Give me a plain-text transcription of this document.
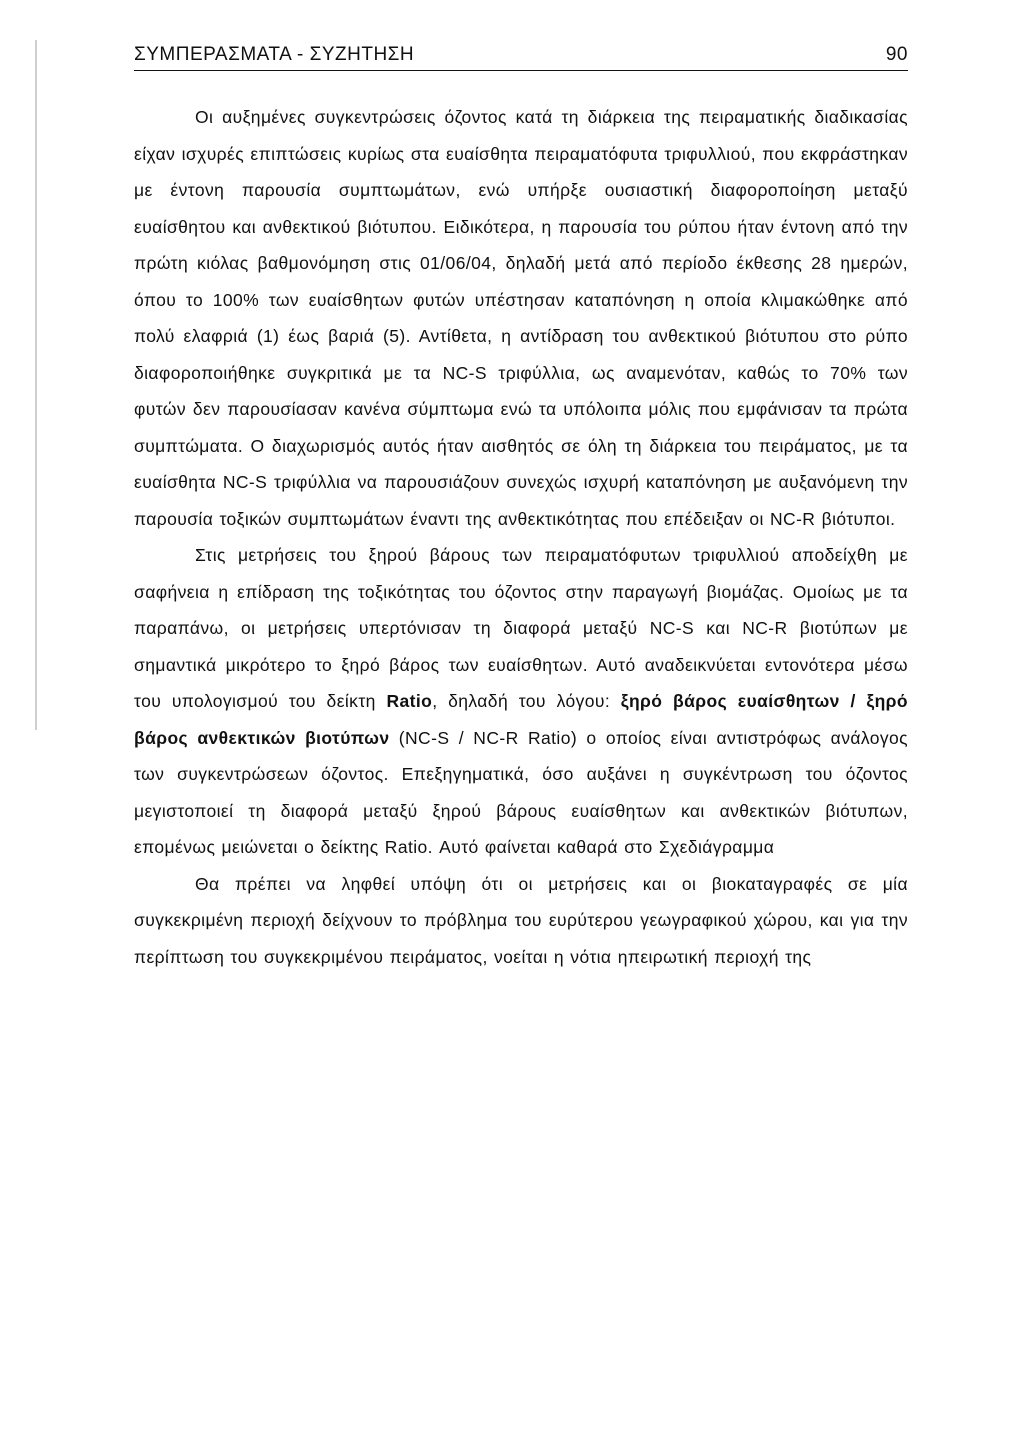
ΣΥΜΠΕΡΑΣΜΑΤΑ - ΣΥΖΗΤΗΣΗ	90

Οι αυξημένες συγκεντρώσεις όζοντος κατά τη διάρκεια της πειραματικής διαδικασίας είχαν ισχυρές επιπτώσεις κυρίως στα ευαίσθητα πειραματόφυτα τριφυλλιού, που εκφράστηκαν με έντονη παρουσία συμπτωμάτων, ενώ υπήρξε ουσιαστική διαφοροποίηση μεταξύ ευαίσθητου και ανθεκτικού βιότυπου. Ειδικότερα, η παρουσία του ρύπου ήταν έντονη από την πρώτη κιόλας βαθμονόμηση στις 01/06/04, δηλαδή μετά από περίοδο έκθεσης 28 ημερών, όπου το 100% των ευαίσθητων φυτών υπέστησαν καταπόνηση η οποία κλιμακώθηκε από πολύ ελαφριά (1) έως βαριά (5). Αντίθετα, η αντίδραση του ανθεκτικού βιότυπου στο ρύπο διαφοροποιήθηκε συγκριτικά με τα NC-S τριφύλλια, ως αναμενόταν, καθώς το 70% των φυτών δεν παρουσίασαν κανένα σύμπτωμα ενώ τα υπόλοιπα μόλις που εμφάνισαν τα πρώτα συμπτώματα. Ο διαχωρισμός αυτός ήταν αισθητός σε όλη τη διάρκεια του πειράματος, με τα ευαίσθητα NC-S τριφύλλια να παρουσιάζουν συνεχώς ισχυρή καταπόνηση με αυξανόμενη την παρουσία τοξικών συμπτωμάτων έναντι της ανθεκτικότητας που επέδειξαν οι NC-R βιότυποι.

Στις μετρήσεις του ξηρού βάρους των πειραματόφυτων τριφυλλιού αποδείχθη με σαφήνεια η επίδραση της τοξικότητας του όζοντος στην παραγωγή βιομάζας. Ομοίως με τα παραπάνω, οι μετρήσεις υπερτόνισαν τη διαφορά μεταξύ NC-S και NC-R βιοτύπων με σημαντικά μικρότερο το ξηρό βάρος των ευαίσθητων. Αυτό αναδεικνύεται εντονότερα μέσω του υπολογισμού του δείκτη Ratio, δηλαδή του λόγου: ξηρό βάρος ευαίσθητων / ξηρό βάρος ανθεκτικών βιοτύπων (NC-S / NC-R Ratio) ο οποίος είναι αντιστρόφως ανάλογος των συγκεντρώσεων όζοντος. Επεξηγηματικά, όσο αυξάνει η συγκέντρωση του όζοντος μεγιστοποιεί τη διαφορά μεταξύ ξηρού βάρους ευαίσθητων και ανθεκτικών βιότυπων, επομένως μειώνεται ο δείκτης Ratio. Αυτό φαίνεται καθαρά στο Σχεδιάγραμμα

Θα πρέπει να ληφθεί υπόψη ότι οι μετρήσεις και οι βιοκαταγραφές σε μία συγκεκριμένη περιοχή δείχνουν το πρόβλημα του ευρύτερου γεωγραφικού χώρου, και για την περίπτωση του συγκεκριμένου πειράματος, νοείται η νότια ηπειρωτική περιοχή της
